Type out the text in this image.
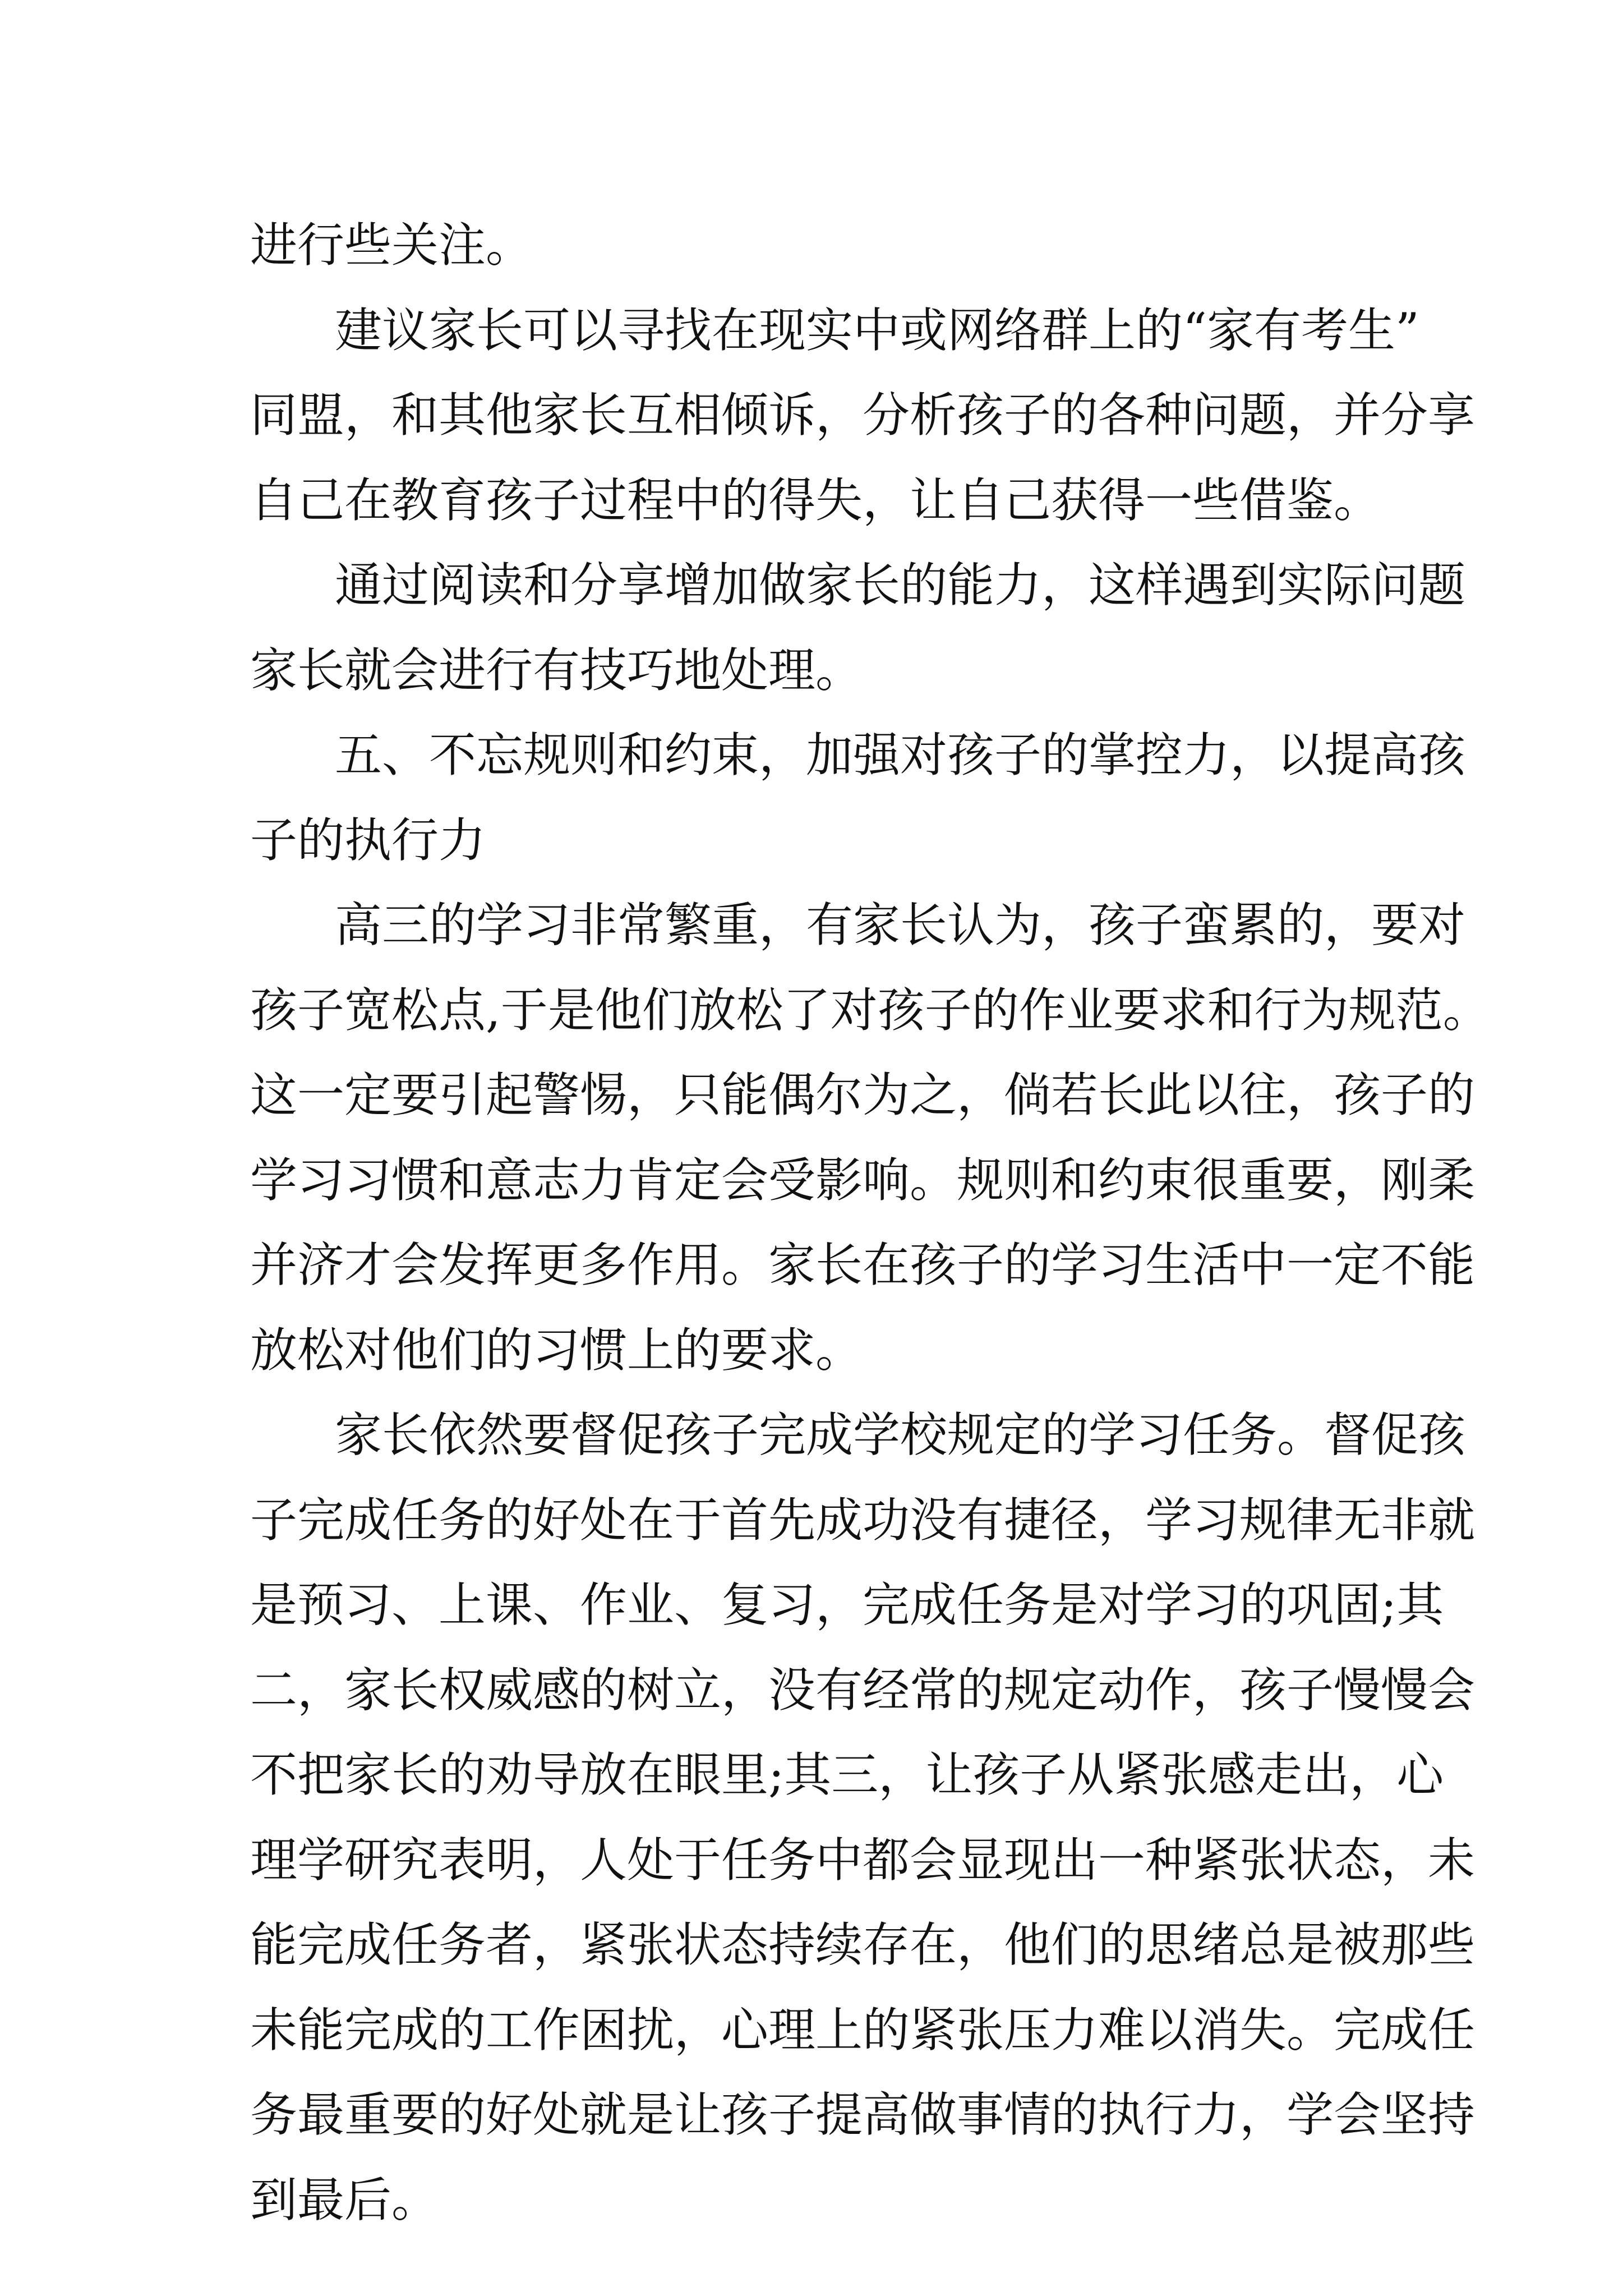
进行些关注。
建议家长可以寻找在现实中或网络群上的“家有考生”
同盟，和其他家长互相倾诉，分析孩子的各种问题，并分享
自己在教育孩子过程中的得失，让自己获得一些借鉴。
通过阅读和分享增加做家长的能力，这样遇到实际问题
家长就会进行有技巧地处理。
五、不忘规则和约束，加强对孩子的掌控力，以提高孩
子的执行力
高三的学习非常繁重，有家长认为，孩子蛮累的，要对
孩子宽松点,于是他们放松了对孩子的作业要求和行为规范。
这一定要引起警惕，只能偶尔为之，倘若长此以往，孩子的
学习习惯和意志力肯定会受影响。规则和约束很重要，刚柔
并济才会发挥更多作用。家长在孩子的学习生活中一定不能
放松对他们的习惯上的要求。
家长依然要督促孩子完成学校规定的学习任务。督促孩
子完成任务的好处在于首先成功没有捷径，学习规律无非就
是预习、上课、作业、复习，完成任务是对学习的巩固;其
二，家长权威感的树立，没有经常的规定动作，孩子慢慢会
不把家长的劝导放在眼里;其三，让孩子从紧张感走出，心
理学研究表明，人处于任务中都会显现出一种紧张状态，未
能完成任务者，紧张状态持续存在，他们的思绪总是被那些
未能完成的工作困扰，心理上的紧张压力难以消失。完成任
务最重要的好处就是让孩子提高做事情的执行力，学会坚持
到最后。
